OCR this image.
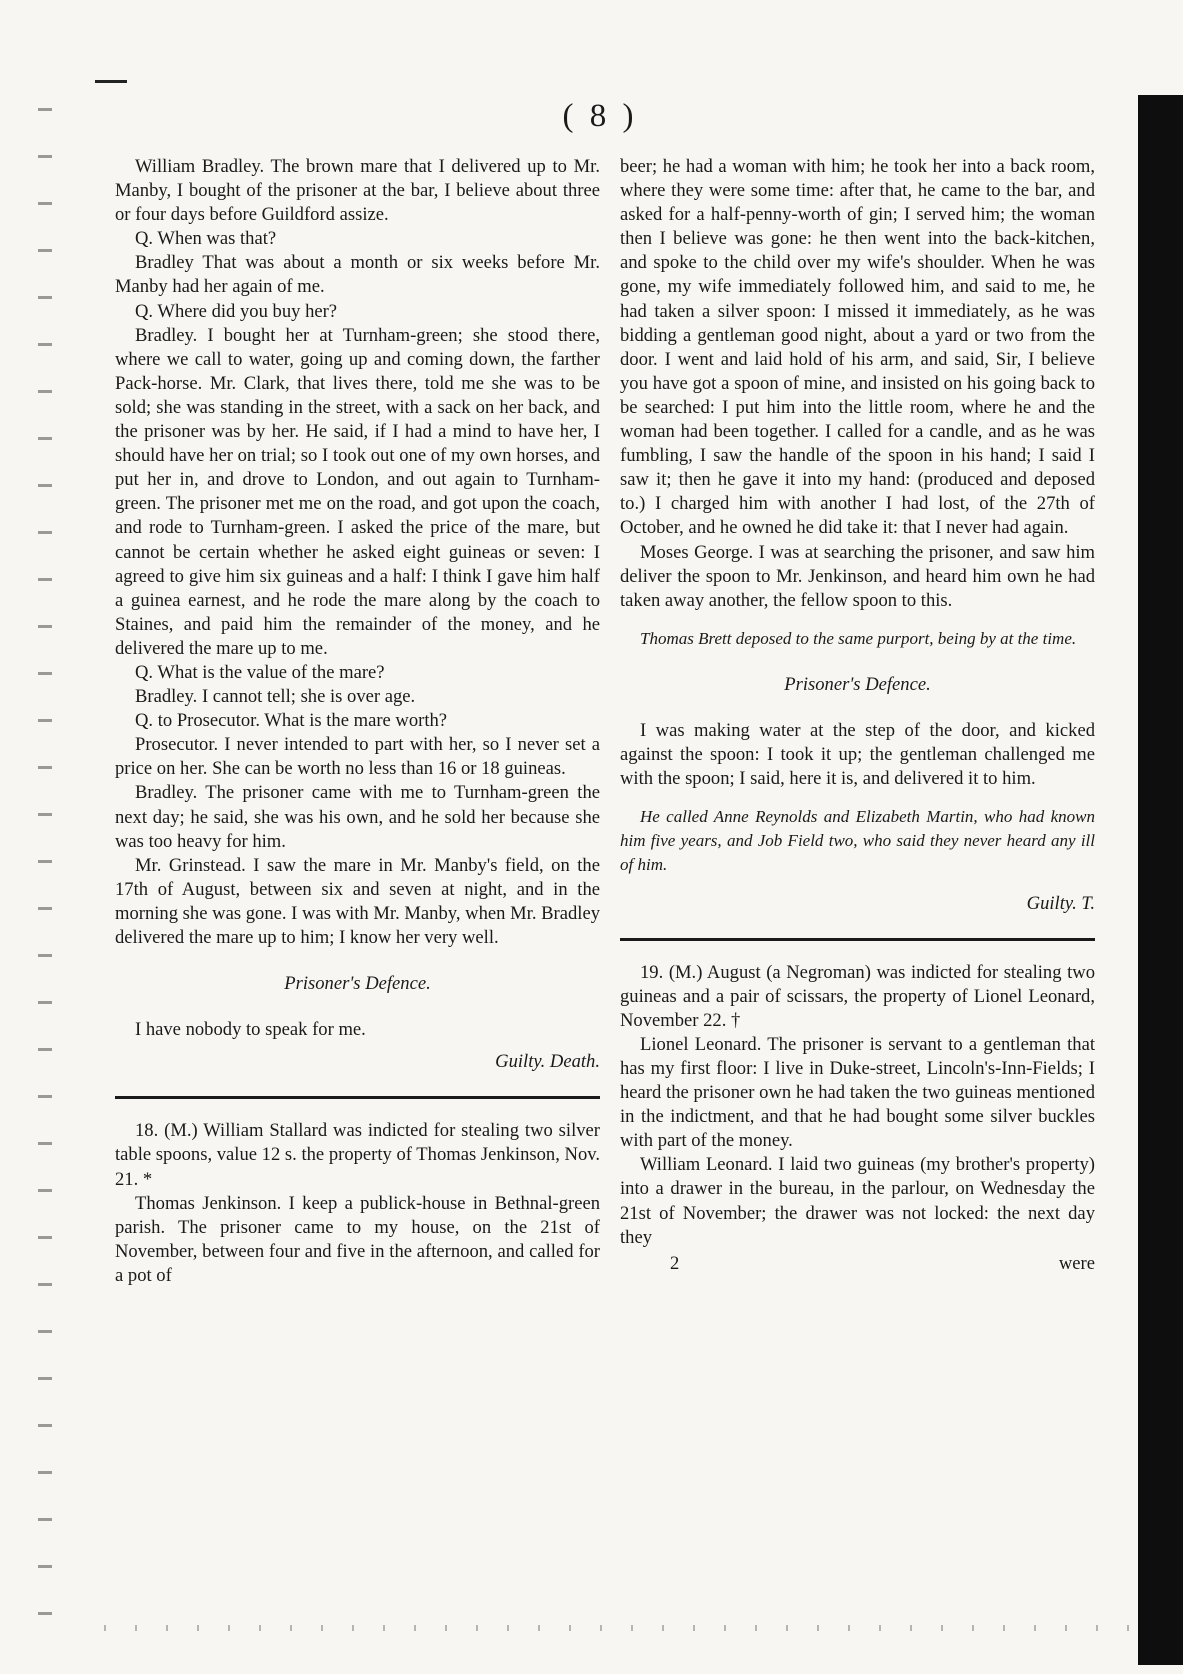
( 8 )

William Bradley. The brown mare that I delivered up to Mr. Manby, I bought of the prisoner at the bar, I believe about three or four days before Guildford assize.

Q. When was that?

Bradley That was about a month or six weeks before Mr. Manby had her again of me.

Q. Where did you buy her?

Bradley. I bought her at Turnham-green; she stood there, where we call to water, going up and coming down, the farther Pack-horse. Mr. Clark, that lives there, told me she was to be sold; she was standing in the street, with a sack on her back, and the prisoner was by her. He said, if I had a mind to have her, I should have her on trial; so I took out one of my own horses, and put her in, and drove to London, and out again to Turnham-green. The prisoner met me on the road, and got upon the coach, and rode to Turnham-green. I asked the price of the mare, but cannot be certain whether he asked eight guineas or seven: I agreed to give him six guineas and a half: I think I gave him half a guinea earnest, and he rode the mare along by the coach to Staines, and paid him the remainder of the money, and he delivered the mare up to me.

Q. What is the value of the mare?

Bradley. I cannot tell; she is over age.

Q. to Prosecutor. What is the mare worth?

Prosecutor. I never intended to part with her, so I never set a price on her. She can be worth no less than 16 or 18 guineas.

Bradley. The prisoner came with me to Turnham-green the next day; he said, she was his own, and he sold her because she was too heavy for him.

Mr. Grinstead. I saw the mare in Mr. Manby's field, on the 17th of August, between six and seven at night, and in the morning she was gone. I was with Mr. Manby, when Mr. Bradley delivered the mare up to him; I know her very well.

Prisoner's Defence.

I have nobody to speak for me.

Guilty. Death.

18. (M.) William Stallard was indicted for stealing two silver table spoons, value 12 s. the property of Thomas Jenkinson, Nov. 21. *

Thomas Jenkinson. I keep a publick-house in Bethnal-green parish. The prisoner came to my house, on the 21st of November, between four and five in the afternoon, and called for a pot of

beer; he had a woman with him; he took her into a back room, where they were some time: after that, he came to the bar, and asked for a half-penny-worth of gin; I served him; the woman then I believe was gone: he then went into the back-kitchen, and spoke to the child over my wife's shoulder. When he was gone, my wife immediately followed him, and said to me, he had taken a silver spoon: I missed it immediately, as he was bidding a gentleman good night, about a yard or two from the door. I went and laid hold of his arm, and said, Sir, I believe you have got a spoon of mine, and insisted on his going back to be searched: I put him into the little room, where he and the woman had been together. I called for a candle, and as he was fumbling, I saw the handle of the spoon in his hand; I said I saw it; then he gave it into my hand: (produced and deposed to.) I charged him with another I had lost, of the 27th of October, and he owned he did take it: that I never had again.

Moses George. I was at searching the prisoner, and saw him deliver the spoon to Mr. Jenkinson, and heard him own he had taken away another, the fellow spoon to this.

Thomas Brett deposed to the same purport, being by at the time.

Prisoner's Defence.

I was making water at the step of the door, and kicked against the spoon: I took it up; the gentleman challenged me with the spoon; I said, here it is, and delivered it to him.

He called Anne Reynolds and Elizabeth Martin, who had known him five years, and Job Field two, who said they never heard any ill of him.

Guilty. T.

19. (M.) August (a Negroman) was indicted for stealing two guineas and a pair of scissars, the property of Lionel Leonard, November 22. †

Lionel Leonard. The prisoner is servant to a gentleman that has my first floor: I live in Duke-street, Lincoln's-Inn-Fields; I heard the prisoner own he had taken the two guineas mentioned in the indictment, and that he had bought some silver buckles with part of the money.

William Leonard. I laid two guineas (my brother's property) into a drawer in the bureau, in the parlour, on Wednesday the 21st of November; the drawer was not locked: the next day they

2	were
